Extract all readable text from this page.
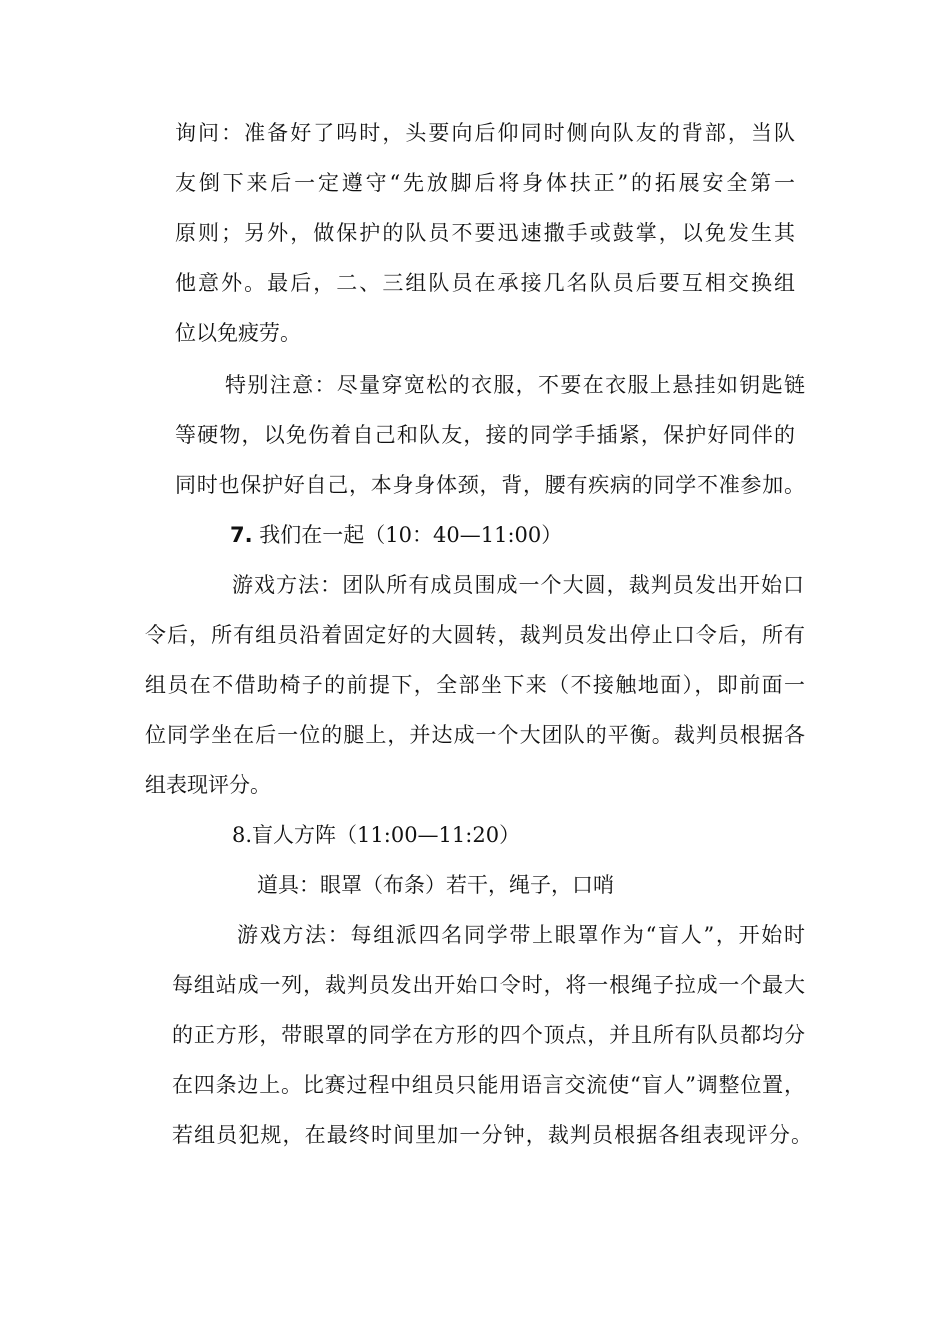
询问：准备好了吗时，头要向后仰同时侧向队友的背部，当队

友倒下来后一定遵守“先放脚后将身体扶正”的拓展安全第一

原则；另外，做保护的队员不要迅速撒手或鼓掌，以免发生其

他意外。最后，二、三组队员在承接几名队员后要互相交换组

位以免疲劳。

特别注意：尽量穿宽松的衣服，不要在衣服上悬挂如钥匙链

等硬物，以免伤着自己和队友，接的同学手插紧，保护好同伴的

同时也保护好自己，本身身体颈，背，腰有疾病的同学不准参加。

7. 我们在一起（10：40—11:00）

游戏方法：团队所有成员围成一个大圆，裁判员发出开始口

令后，所有组员沿着固定好的大圆转，裁判员发出停止口令后，所有

组员在不借助椅子的前提下，全部坐下来（不接触地面），即前面一

位同学坐在后一位的腿上，并达成一个大团队的平衡。裁判员根据各

组表现评分。

8.盲人方阵（11:00—11:20）

道具：眼罩（布条）若干，绳子，口哨

游戏方法：每组派四名同学带上眼罩作为“盲人”，开始时

每组站成一列，裁判员发出开始口令时，将一根绳子拉成一个最大

的正方形，带眼罩的同学在方形的四个顶点，并且所有队员都均分

在四条边上。比赛过程中组员只能用语言交流使“盲人”调整位置，

若组员犯规，在最终时间里加一分钟，裁判员根据各组表现评分。
